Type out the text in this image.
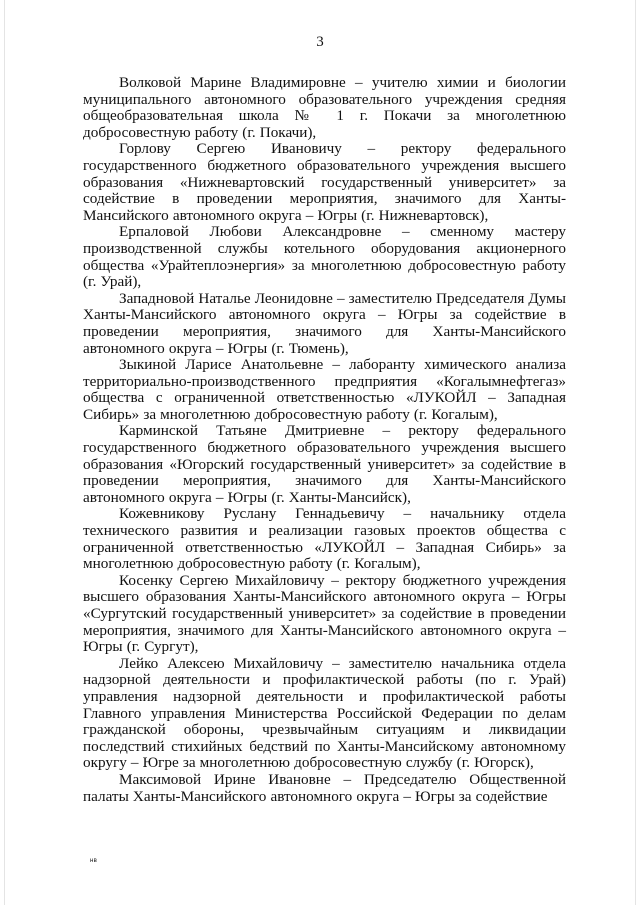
3

Волковой Марине Владимировне – учителю химии и биологии муниципального автономного образовательного учреждения средняя общеобразовательная школа № 1 г. Покачи за многолетнюю добросовестную работу (г. Покачи),

Горлову Сергею Ивановичу – ректору федерального государственного бюджетного образовательного учреждения высшего образования «Нижневартовский государственный университет» за содействие в проведении мероприятия, значимого для Ханты-Мансийского автономного округа – Югры (г. Нижневартовск),

Ерпаловой Любови Александровне – сменному мастеру производственной службы котельного оборудования акционерного общества «Урайтеплоэнергия» за многолетнюю добросовестную работу (г. Урай),

Западновой Наталье Леонидовне – заместителю Председателя Думы Ханты-Мансийского автономного округа – Югры за содействие в проведении мероприятия, значимого для Ханты-Мансийского автономного округа – Югры (г. Тюмень),

Зыкиной Ларисе Анатольевне – лаборанту химического анализа территориально-производственного предприятия «Когалымнефтегаз» общества с ограниченной ответственностью «ЛУКОЙЛ – Западная Сибирь» за многолетнюю добросовестную работу (г. Когалым),

Карминской Татьяне Дмитриевне – ректору федерального государственного бюджетного образовательного учреждения высшего образования «Югорский государственный университет» за содействие в проведении мероприятия, значимого для Ханты-Мансийского автономного округа – Югры (г. Ханты-Мансийск),

Кожевникову Руслану Геннадьевичу – начальнику отдела технического развития и реализации газовых проектов общества с ограниченной ответственностью «ЛУКОЙЛ – Западная Сибирь» за многолетнюю добросовестную работу (г. Когалым),

Косенку Сергею Михайловичу – ректору бюджетного учреждения высшего образования Ханты-Мансийского автономного округа – Югры «Сургутский государственный университет» за содействие в проведении мероприятия, значимого для Ханты-Мансийского автономного округа – Югры (г. Сургут),

Лейко Алексею Михайловичу – заместителю начальника отдела надзорной деятельности и профилактической работы (по г. Урай) управления надзорной деятельности и профилактической работы Главного управления Министерства Российской Федерации по делам гражданской обороны, чрезвычайным ситуациям и ликвидации последствий стихийных бедствий по Ханты-Мансийскому автономному округу – Югре за многолетнюю добросовестную службу (г. Югорск),

Максимовой Ирине Ивановне – Председателю Общественной палаты Ханты-Мансийского автономного округа – Югры за содействие

нв
